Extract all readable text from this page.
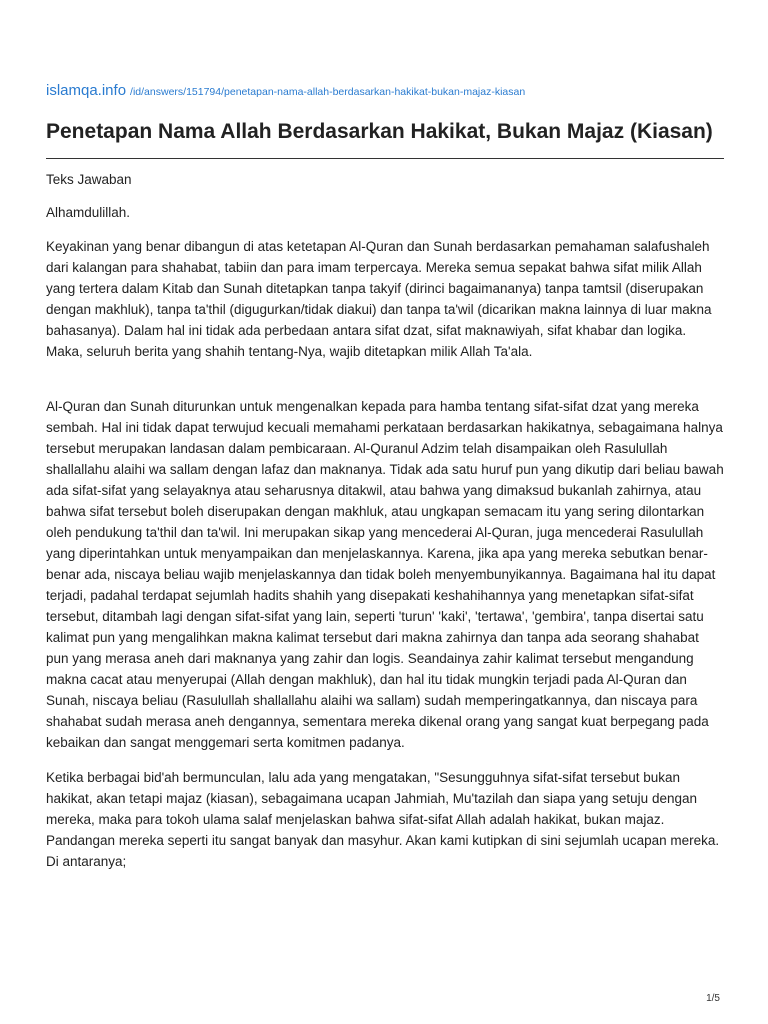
islamqa.info /id/answers/151794/penetapan-nama-allah-berdasarkan-hakikat-bukan-majaz-kiasan
Penetapan Nama Allah Berdasarkan Hakikat, Bukan Majaz (Kiasan)
Teks Jawaban
Alhamdulillah.

Keyakinan yang benar dibangun di atas ketetapan Al-Quran dan Sunah berdasarkan pemahaman salafushaleh dari kalangan para shahabat, tabiin dan para imam terpercaya. Mereka semua sepakat bahwa sifat milik Allah yang tertera dalam Kitab dan Sunah ditetapkan tanpa takyif (dirinci bagaimananya) tanpa tamtsil (diserupakan dengan makhluk), tanpa ta'thil (digugurkan/tidak diakui) dan tanpa ta'wil (dicarikan makna lainnya di luar makna bahasanya). Dalam hal ini tidak ada perbedaan antara sifat dzat, sifat maknawiyah, sifat khabar dan logika. Maka, seluruh berita yang shahih tentang-Nya, wajib ditetapkan milik Allah Ta'ala.

Al-Quran dan Sunah diturunkan untuk mengenalkan kepada para hamba tentang sifat-sifat dzat yang mereka sembah. Hal ini tidak dapat terwujud kecuali memahami perkataan berdasarkan hakikatnya, sebagaimana halnya tersebut merupakan landasan dalam pembicaraan. Al-Quranul Adzim telah disampaikan oleh Rasulullah shallallahu alaihi wa sallam dengan lafaz dan maknanya. Tidak ada satu huruf pun yang dikutip dari beliau bawah ada sifat-sifat yang selayaknya atau seharusnya ditakwil, atau bahwa yang dimaksud bukanlah zahirnya, atau bahwa sifat tersebut boleh diserupakan dengan makhluk, atau ungkapan semacam itu yang sering dilontarkan oleh pendukung ta'thil dan ta'wil. Ini merupakan sikap yang mencederai Al-Quran, juga mencederai Rasulullah yang diperintahkan untuk menyampaikan dan menjelaskannya. Karena, jika apa yang mereka sebutkan benar-benar ada, niscaya beliau wajib menjelaskannya dan tidak boleh menyembunyikannya. Bagaimana hal itu dapat terjadi, padahal terdapat sejumlah hadits shahih yang disepakati keshahihannya yang menetapkan sifat-sifat tersebut, ditambah lagi dengan sifat-sifat yang lain, seperti 'turun' 'kaki', 'tertawa', 'gembira', tanpa disertai satu kalimat pun yang mengalihkan makna kalimat tersebut dari makna zahirnya dan tanpa ada seorang shahabat pun yang merasa aneh dari maknanya yang zahir dan logis. Seandainya zahir kalimat tersebut mengandung makna cacat atau menyerupai (Allah dengan makhluk), dan hal itu tidak mungkin terjadi pada Al-Quran dan Sunah, niscaya beliau (Rasulullah shallallahu alaihi wa sallam) sudah memperingatkannya, dan niscaya para shahabat sudah merasa aneh dengannya, sementara mereka dikenal orang yang sangat kuat berpegang pada kebaikan dan sangat menggemari serta komitmen padanya.

Ketika berbagai bid'ah bermunculan, lalu ada yang mengatakan, "Sesungguhnya sifat-sifat tersebut bukan hakikat, akan tetapi majaz (kiasan), sebagaimana ucapan Jahmiah, Mu'tazilah dan siapa yang setuju dengan mereka, maka para tokoh ulama salaf menjelaskan bahwa sifat-sifat Allah adalah hakikat, bukan majaz. Pandangan mereka seperti itu sangat banyak dan masyhur. Akan kami kutipkan di sini sejumlah ucapan mereka. Di antaranya;

1/5
